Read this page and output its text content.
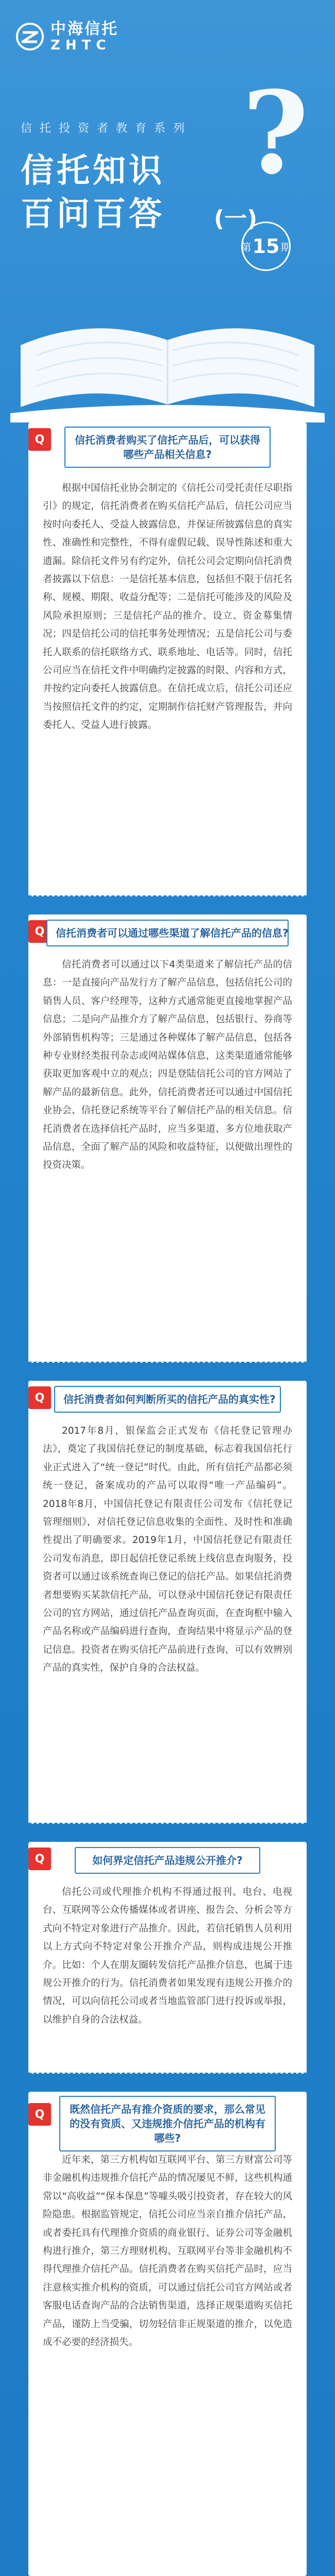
中海信托
ZHTC
信托投资者教育系列
信托知识
百问百答 (一)
?
第 15 期
Q	信托消费者购买了信托产品后，可以获得哪些产品相关信息?
根据中国信托业协会制定的《信托公司受托责任尽职指引》的规定，信托消费者在购买信托产品后，信托公司应当按时向委托人、受益人披露信息，并保证所披露信息的真实性、准确性和完整性，不得有虚假记载、误导性陈述和重大遗漏。除信托文件另有约定外，信托公司会定期向信托消费者披露以下信息：一是信托基本信息，包括但不限于信托名称、规模、期限、收益分配等；二是信托可能涉及的风险及风险承担原则；三是信托产品的推介、设立、资金募集情况；四是信托公司的信托事务处理情况；五是信托公司与委托人联系的信托联络方式、联系地址、电话等。同时，信托公司应当在信托文件中明确约定披露的时限、内容和方式，并按约定向委托人披露信息。在信托成立后，信托公司还应当按照信托文件的约定，定期制作信托财产管理报告，并向委托人、受益人进行披露。
Q	信托消费者可以通过哪些渠道了解信托产品的信息?
信托消费者可以通过以下4类渠道来了解信托产品的信息：一是直接向产品发行方了解产品信息，包括信托公司的销售人员、客户经理等，这种方式通常能更直接地掌握产品信息；二是向产品推介方了解产品信息，包括银行、券商等外部销售机构等；三是通过各种媒体了解产品信息，包括各种专业财经类报刊杂志或网站媒体信息，这类渠道通常能够获取更加客观中立的观点；四是登陆信托公司的官方网站了解产品的最新信息。此外，信托消费者还可以通过中国信托业协会、信托登记系统等平台了解信托产品的相关信息。信托消费者在选择信托产品时，应当多渠道、多方位地获取产品信息，全面了解产品的风险和收益特征，以便做出理性的投资决策。
Q	信托消费者如何判断所买的信托产品的真实性?
2017年8月，银保监会正式发布《信托登记管理办法》，奠定了我国信托登记的制度基础，标志着我国信托行业正式进入了“统一登记”时代。由此，所有信托产品都必须统一登记，备案成功的产品可以取得“唯一产品编码”。2018年8月，中国信托登记有限责任公司发布《信托登记管理细则》，对信托登记信息收集的全面性、及时性和准确性提出了明确要求。2019年1月，中国信托登记有限责任公司发布消息，即日起信托登记系统上线信息查询服务，投资者可以通过该系统查询已登记的信托产品。如果信托消费者想要购买某款信托产品，可以登录中国信托登记有限责任公司的官方网站，通过信托产品查询页面，在查询框中输入产品名称或产品编码进行查询，查询结果中将显示产品的登记信息。投资者在购买信托产品前进行查询，可以有效辨别产品的真实性，保护自身的合法权益。
Q	如何界定信托产品违规公开推介?
信托公司或代理推介机构不得通过报刊、电台、电视台、互联网等公众传播媒体或者讲座、报告会、分析会等方式向不特定对象进行产品推介。因此，若信托销售人员利用以上方式向不特定对象公开推介产品，则构成违规公开推介。比如：个人在朋友圈转发信托产品推介信息，也属于违规公开推介的行为。信托消费者如果发现有违规公开推介的情况，可以向信托公司或者当地监管部门进行投诉或举报，以维护自身的合法权益。
Q	既然信托产品有推介资质的要求，那么常见的没有资质、又违规推介信托产品的机构有哪些?
近年来，第三方机构如互联网平台、第三方财富公司等非金融机构违规推介信托产品的情况屡见不鲜，这些机构通常以“高收益”“保本保息”等噱头吸引投资者，存在较大的风险隐患。根据监管规定，信托公司应当亲自推介信托产品，或者委托具有代理推介资质的商业银行、证券公司等金融机构进行推介，第三方理财机构、互联网平台等非金融机构不得代理推介信托产品。信托消费者在购买信托产品时，应当注意核实推介机构的资质，可以通过信托公司官方网站或者客服电话查询产品的合法销售渠道，选择正规渠道购买信托产品，谨防上当受骗，切勿轻信非正规渠道的推介，以免造成不必要的经济损失。
